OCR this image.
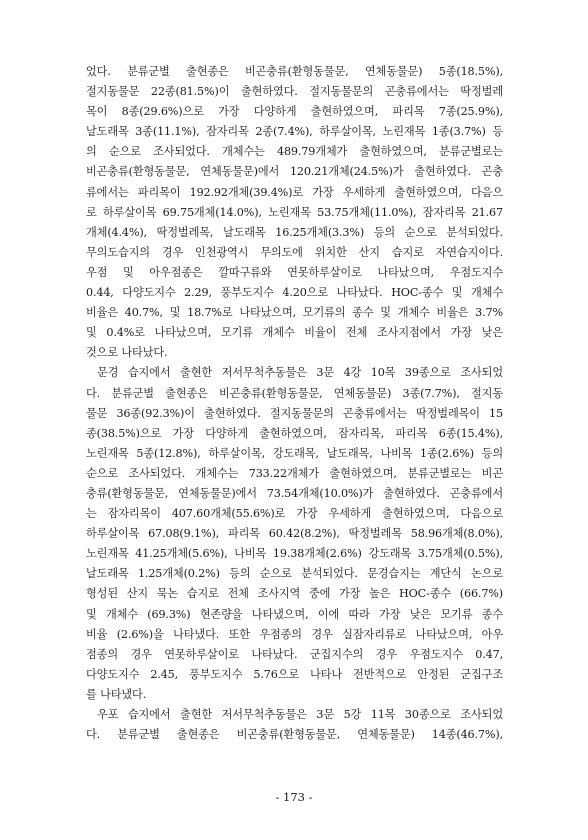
었다. 분류군별 출현종은 비곤충류(환형동물문, 연체동물문) 5종(18.5%),
절지동물문 22종(81.5%)이 출현하였다. 절지동물문의 곤충류에서는 딱정벌레
목이 8종(29.6%)으로 가장 다양하게 출현하였으며, 파리목 7종(25.9%),
날도래목 3종(11.1%), 잠자리목 2종(7.4%), 하루살이목, 노린재목 1종(3.7%) 등
의 순으로 조사되었다. 개체수는 489.79개체가 출현하였으며, 분류군별로는
비곤충류(환형동물문, 연체동물문)에서 120.21개체(24.5%)가 출현하였다. 곤충
류에서는 파리목이 192.92개체(39.4%)로 가장 우세하게 출현하였으며, 다음으
로 하루살이목 69.75개체(14.0%), 노린재목 53.75개체(11.0%), 잠자리목 21.67
개체(4.4%), 딱정벌레목, 날도래목 16.25개체(3.3%) 등의 순으로 분석되었다.
무의도습지의 경우 인천광역시 무의도에 위치한 산지 습지로 자연습지이다.
우점 및 아우점종은 깔따구류와 연못하루살이로 나타났으며, 우점도지수
0.44, 다양도지수 2.29, 풍부도지수 4.20으로 나타났다. HOC-종수 및 개체수
비율은 40.7%, 및 18.7%로 나타났으며, 모기류의 종수 및 개체수 비율은 3.7%
및 0.4%로 나타났으며, 모기류 개체수 비율이 전체 조사지점에서 가장 낮은
것으로 나타났다.
문경 습지에서 출현한 저서무척추동물은 3문 4강 10목 39종으로 조사되었
다. 분류군별 출현종은 비곤충류(환형동물문, 연체동물문) 3종(7.7%), 절지동
물문 36종(92.3%)이 출현하였다. 절지동물문의 곤충류에서는 딱정벌레목이 15
종(38.5%)으로 가장 다양하게 출현하였으며, 잠자리목, 파리목 6종(15.4%),
노린재목 5종(12.8%), 하루살이목, 강도래목, 날도래목, 나비목 1종(2.6%) 등의
순으로 조사되었다. 개체수는 733.22개체가 출현하였으며, 분류군별로는 비곤
충류(환형동물문, 연체동물문)에서 73.54개체(10.0%)가 출현하였다. 곤충류에서
는 잠자리목이 407.60개체(55.6%)로 가장 우세하게 출현하였으며, 다음으로
하루살이목 67.08(9.1%), 파리목 60.42(8.2%), 딱정벌레목 58.96개체(8.0%),
노린재목 41.25개체(5.6%), 나비목 19.38개체(2.6%) 강도래목 3.75개체(0.5%),
날도래목 1.25개체(0.2%) 등의 순으로 분석되었다. 문경습지는 계단식 논으로
형성된 산지 묵논 습지로 전체 조사지역 중에 가장 높은 HOC-종수 (66.7%)
및 개체수 (69.3%) 현존량을 나타냈으며, 이에 따라 가장 낮은 모기류 종수
비율 (2.6%)을 나타냈다. 또한 우점종의 경우 실잠자리류로 나타났으며, 아우
점종의 경우 연못하루살이로 나타났다. 군집지수의 경우 우점도지수 0.47,
다양도지수 2.45, 풍부도지수 5.76으로 나타나 전반적으로 안정된 군집구조
를 나타냈다.
우포 습지에서 출현한 저서무척추동물은 3문 5강 11목 30종으로 조사되었
다. 분류군별 출현종은 비곤충류(환형동물문, 연체동물문) 14종(46.7%),
- 173 -
